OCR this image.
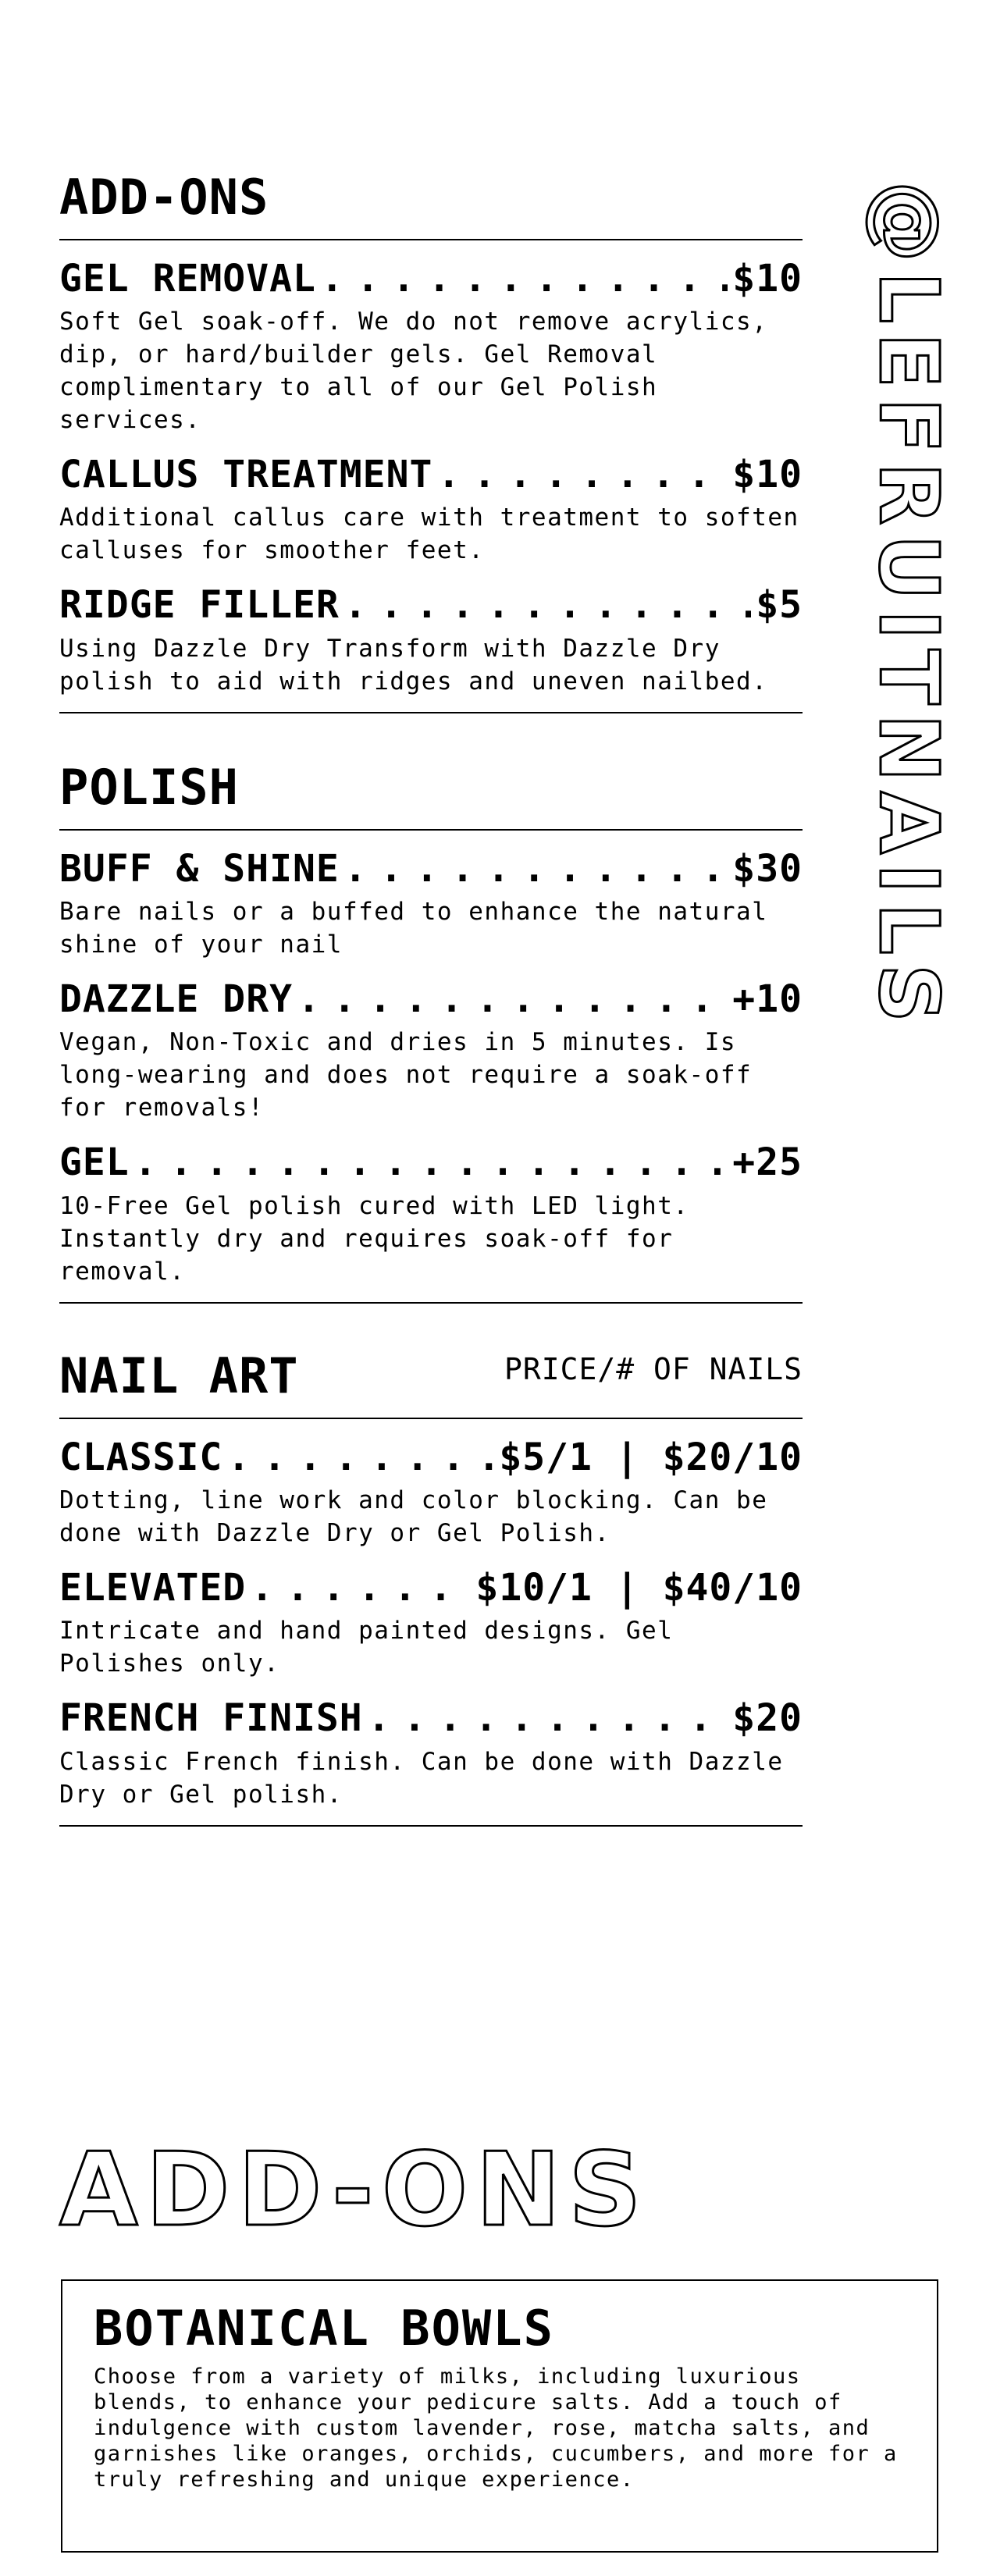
@LEFRUITNAILS
ADD-ONS
GEL REMOVAL . . .	$10
Soft Gel soak-off. We do not remove acrylics, dip, or hard/builder gels. Gel Removal complimentary to all of our Gel Polish services.
CALLUS TREATMENT . . .	$10
Additional callus care with treatment to soften calluses for smoother feet.
RIDGE FILLER . . .	$5
Using Dazzle Dry Transform with Dazzle Dry polish to aid with ridges and uneven nailbed.
POLISH
BUFF & SHINE . . .	$30
Bare nails or a buffed to enhance the natural shine of your nail
DAZZLE DRY . . .	+10
Vegan, Non-Toxic and dries in 5 minutes. Is long-wearing and does not require a soak-off for removals!
GEL . . .	+25
10-Free Gel polish cured with LED light. Instantly dry and requires soak-off for removal.
NAIL ART	PRICE/# OF NAILS
CLASSIC . . .	$5/1 | $20/10
Dotting, line work and color blocking. Can be done with Dazzle Dry or Gel Polish.
ELEVATED . . .	$10/1 | $40/10
Intricate and hand painted designs. Gel Polishes only.
FRENCH FINISH . . .	$20
Classic French finish. Can be done with Dazzle Dry or Gel polish.
ADD-ONS
BOTANICAL BOWLS
Choose from a variety of milks, including luxurious blends, to enhance your pedicure salts. Add a touch of indulgence with custom lavender, rose, matcha salts, and garnishes like oranges, orchids, cucumbers, and more for a truly refreshing and unique experience.
